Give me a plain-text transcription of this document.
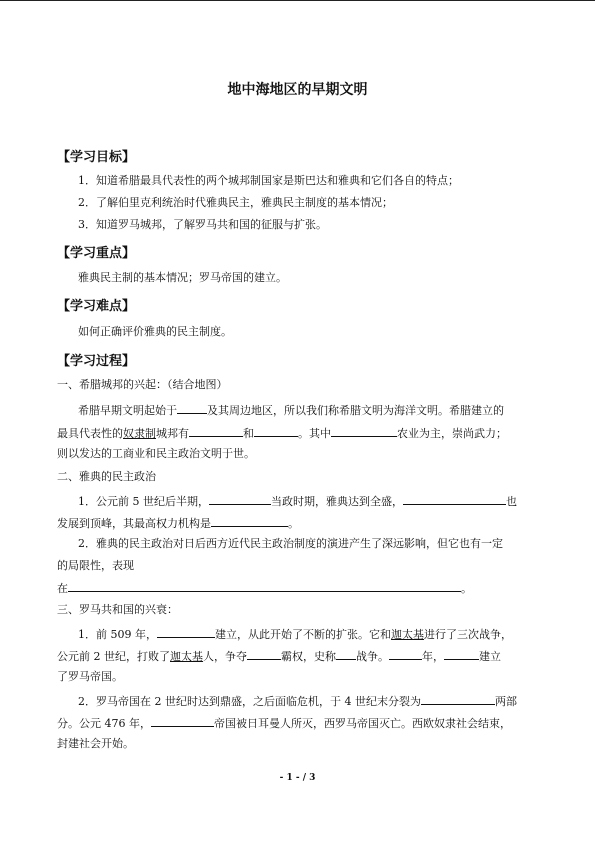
地中海地区的早期文明
【学习目标】
1．知道希腊最具代表性的两个城邦制国家是斯巴达和雅典和它们各自的特点；
2．了解伯里克利统治时代雅典民主，雅典民主制度的基本情况；
3．知道罗马城邦，了解罗马共和国的征服与扩张。
【学习重点】
雅典民主制的基本情况；罗马帝国的建立。
【学习难点】
如何正确评价雅典的民主制度。
【学习过程】
一、希腊城邦的兴起：（结合地图）
希腊早期文明起始于	及其周边地区，所以我们称希腊文明为海洋文明。希腊建立的
最具代表性的奴隶制城邦有	和	。其中	农业为主，崇尚武力；
则以发达的工商业和民主政治文明于世。
二、雅典的民主政治
1．公元前 5 世纪后半期，	当政时期，雅典达到全盛，	也
发展到顶峰，其最高权力机构是	。
2．雅典的民主政治对日后西方近代民主政治制度的演进产生了深远影响，但它也有一定
的局限性，表现
在	。
三、罗马共和国的兴衰：
1．前 509 年，	建立，从此开始了不断的扩张。它和迦太基进行了三次战争，
公元前 2 世纪，打败了迦太基人，争夺	霸权，史称 战争。	年，	建立
了罗马帝国。
2．罗马帝国在 2 世纪时达到鼎盛，之后面临危机，于 4 世纪末分裂为	两部
分。公元 476 年，	帝国被日耳曼人所灭，西罗马帝国灭亡。西欧奴隶社会结束，
封建社会开始。
- 1 - / 3
